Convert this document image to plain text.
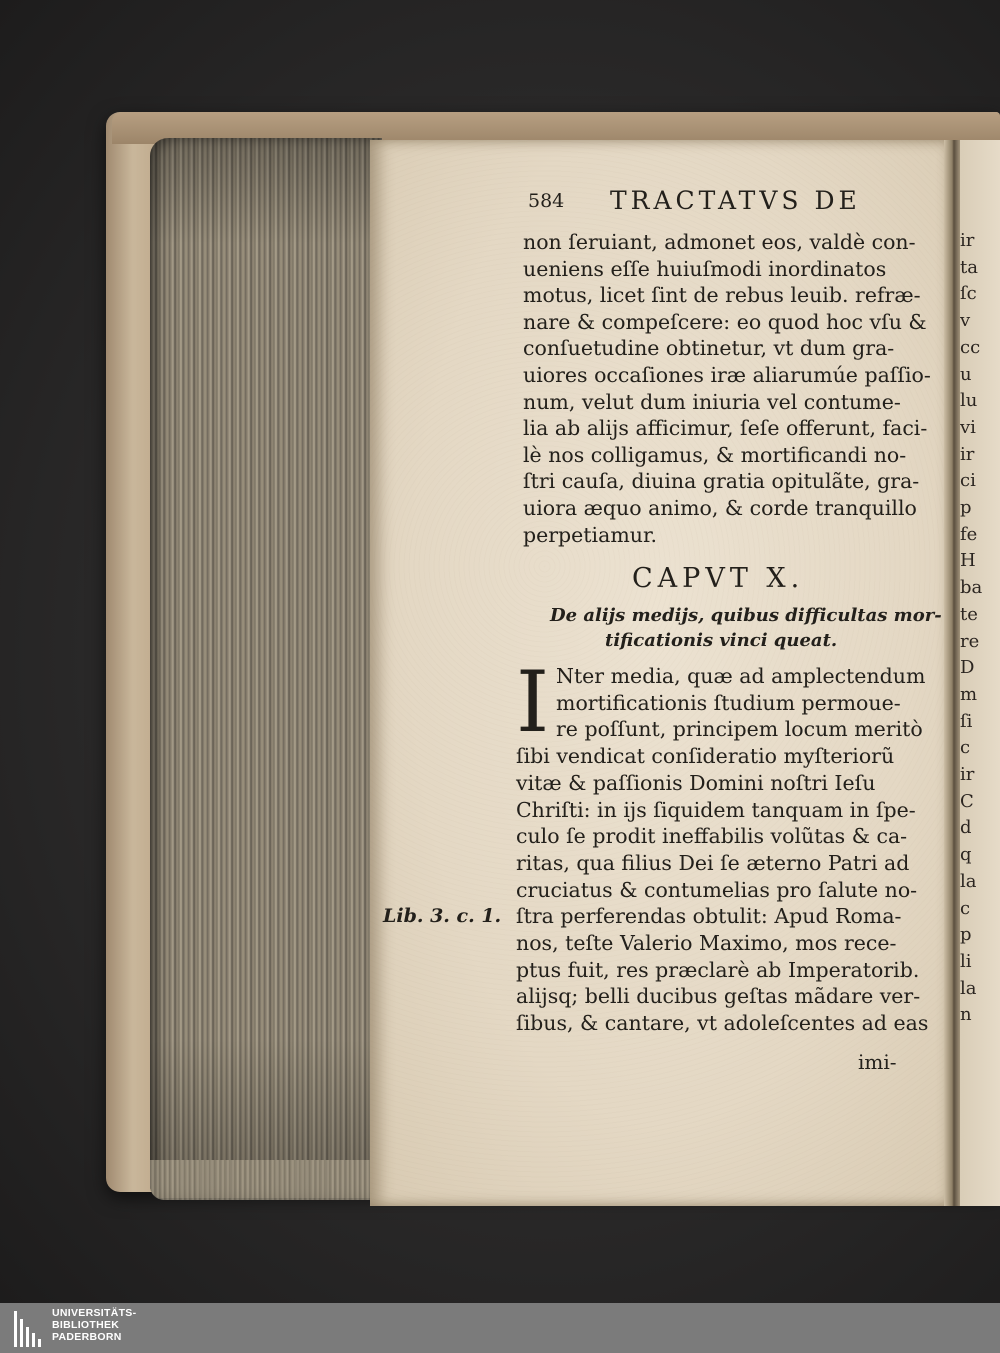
ir
ta
ſc
v
cc
u
lu
vi
ir
ci
p
fe
H
ba
te
re
D
m
ſi
c
ir
C
d
q
la
c
p
li
la
n
584 TRACTATVS DE
non ſeruiant, admonet eos, valdè con-
ueniens eſſe huiuſmodi inordinatos
motus, licet ſint de rebus leuib. refræ-
nare & compeſcere: eo quod hoc vſu &
conſuetudine obtinetur, vt dum gra-
uiores occaſiones iræ aliarumúe paſſio-
num, velut dum iniuria vel contume-
lia ab alijs afficimur, ſeſe offerunt, faci-
lè nos colligamus, & mortificandi no-
ſtri cauſa, diuina gratia opitulãte, gra-
uiora æquo animo, & corde tranquillo
perpetiamur.
CAPVT X.
De alijs medijs, quibus difficultas mor-
tificationis vinci queat.
I Nter media, quæ ad amplectendum
mortificationis ſtudium permoue-
re poſſunt, principem locum meritò
ſibi vendicat conſideratio myſteriorũ
vitæ & paſſionis Domini noſtri Ieſu
Chriſti: in ijs ſiquidem tanquam in ſpe-
culo ſe prodit ineffabilis volũtas & ca-
ritas, qua filius Dei ſe æterno Patri ad
cruciatus & contumelias pro ſalute no-
ſtra perferendas obtulit: Apud Roma-
nos, teſte Valerio Maximo, mos rece-
ptus fuit, res præclarè ab Imperatorib.
alijsq; belli ducibus geſtas mãdare ver-
ſibus, & cantare, vt adoleſcentes ad eas
Lib. 3. c. 1.
imi-
UNIVERSITÄTS-
BIBLIOTHEK
PADERBORN
